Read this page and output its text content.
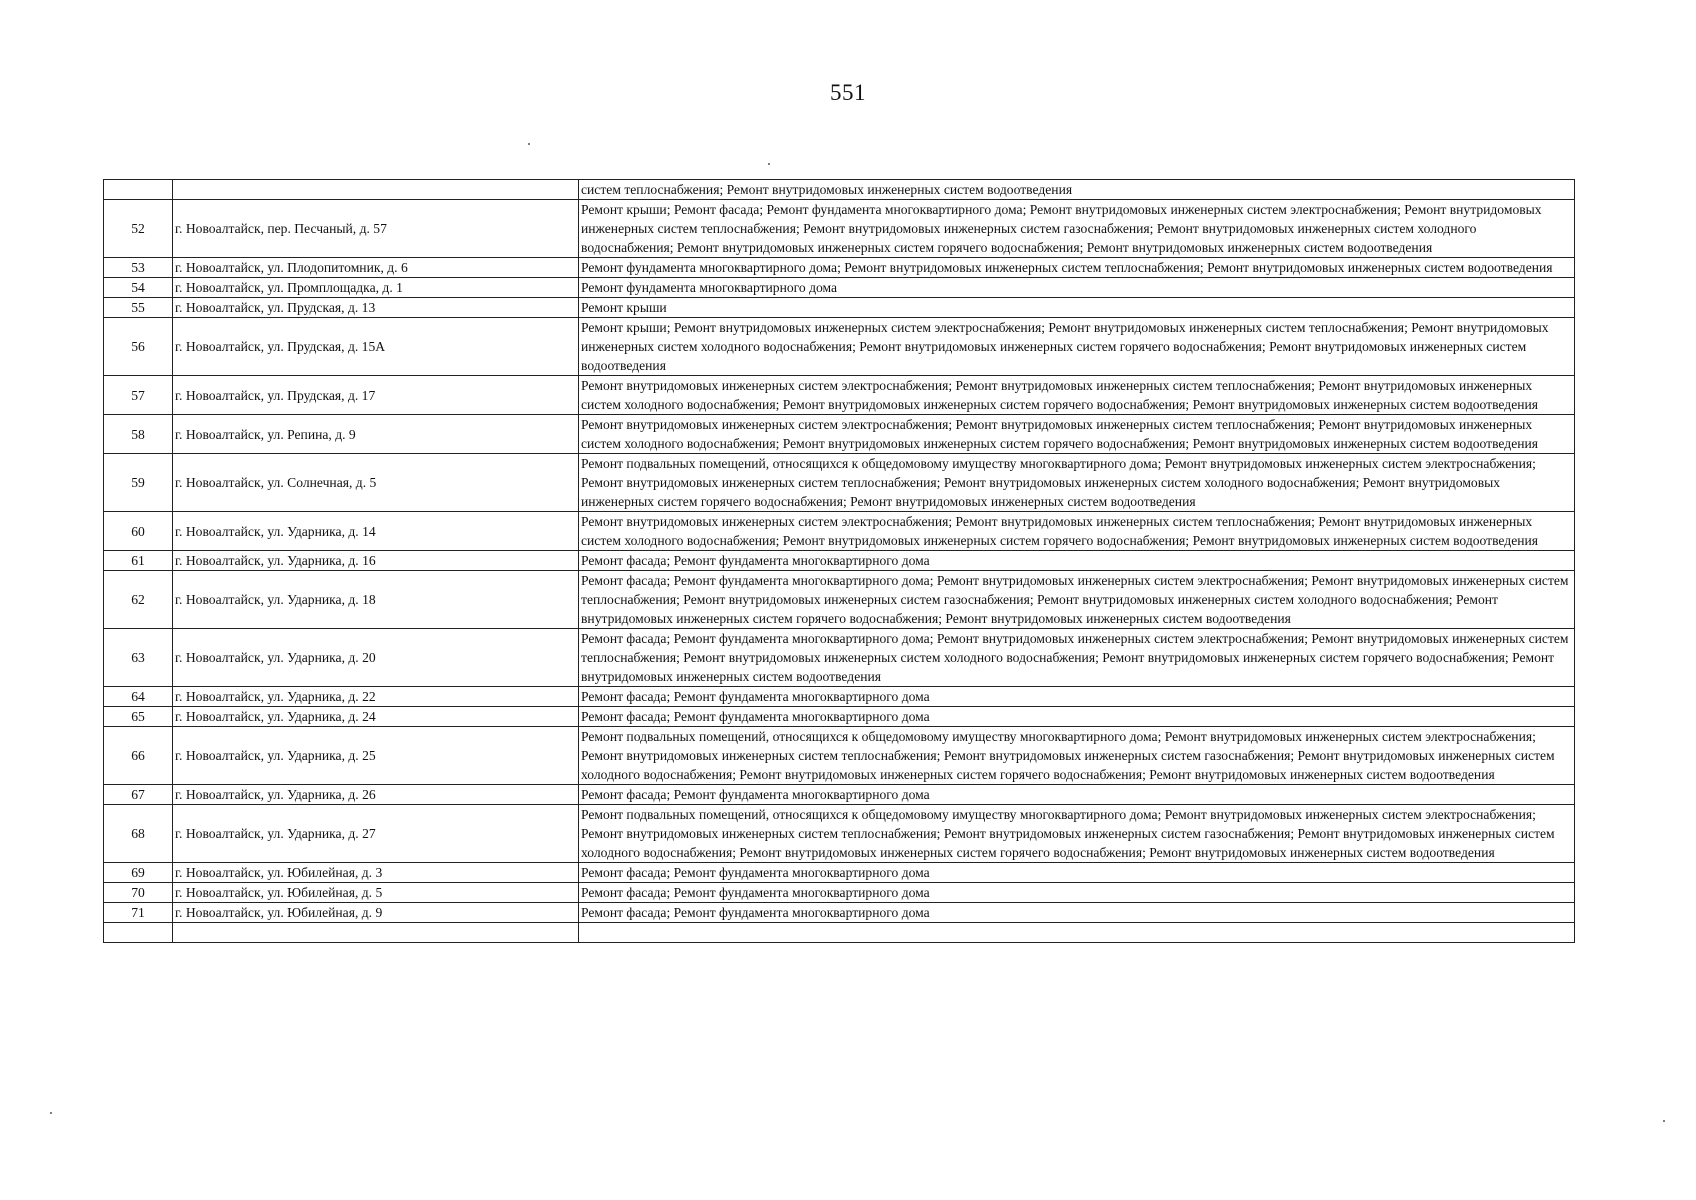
551
		систем теплоснабжения; Ремонт внутридомовых инженерных систем водоотведения
52	г. Новоалтайск, пер. Песчаный, д. 57	Ремонт крыши; Ремонт фасада; Ремонт фундамента многоквартирного дома; Ремонт внутридомовых инженерных систем электроснабжения; Ремонт внутридомовых инженерных систем теплоснабжения; Ремонт внутридомовых инженерных систем газоснабжения; Ремонт внутридомовых инженерных систем холодного водоснабжения; Ремонт внутридомовых инженерных систем горячего водоснабжения; Ремонт внутридомовых инженерных систем водоотведения
53	г. Новоалтайск, ул. Плодопитомник, д. 6	Ремонт фундамента многоквартирного дома; Ремонт внутридомовых инженерных систем теплоснабжения; Ремонт внутридомовых инженерных систем водоотведения
54	г. Новоалтайск, ул. Промплощадка, д. 1	Ремонт фундамента многоквартирного дома
55	г. Новоалтайск, ул. Прудская, д. 13	Ремонт крыши
56	г. Новоалтайск, ул. Прудская, д. 15А	Ремонт крыши; Ремонт внутридомовых инженерных систем электроснабжения; Ремонт внутридомовых инженерных систем теплоснабжения; Ремонт внутридомовых инженерных систем холодного водоснабжения; Ремонт внутридомовых инженерных систем горячего водоснабжения; Ремонт внутридомовых инженерных систем водоотведения
57	г. Новоалтайск, ул. Прудская, д. 17	Ремонт внутридомовых инженерных систем электроснабжения; Ремонт внутридомовых инженерных систем теплоснабжения; Ремонт внутридомовых инженерных систем холодного водоснабжения; Ремонт внутридомовых инженерных систем горячего водоснабжения; Ремонт внутридомовых инженерных систем водоотведения
58	г. Новоалтайск, ул. Репина, д. 9	Ремонт внутридомовых инженерных систем электроснабжения; Ремонт внутридомовых инженерных систем теплоснабжения; Ремонт внутридомовых инженерных систем холодного водоснабжения; Ремонт внутридомовых инженерных систем горячего водоснабжения; Ремонт внутридомовых инженерных систем водоотведения
59	г. Новоалтайск, ул. Солнечная, д. 5	Ремонт подвальных помещений, относящихся к общедомовому имуществу многоквартирного дома; Ремонт внутридомовых инженерных систем электроснабжения; Ремонт внутридомовых инженерных систем теплоснабжения; Ремонт внутридомовых инженерных систем холодного водоснабжения; Ремонт внутридомовых инженерных систем горячего водоснабжения; Ремонт внутридомовых инженерных систем водоотведения
60	г. Новоалтайск, ул. Ударника, д. 14	Ремонт внутридомовых инженерных систем электроснабжения; Ремонт внутридомовых инженерных систем теплоснабжения; Ремонт внутридомовых инженерных систем холодного водоснабжения; Ремонт внутридомовых инженерных систем горячего водоснабжения; Ремонт внутридомовых инженерных систем водоотведения
61	г. Новоалтайск, ул. Ударника, д. 16	Ремонт фасада; Ремонт фундамента многоквартирного дома
62	г. Новоалтайск, ул. Ударника, д. 18	Ремонт фасада; Ремонт фундамента многоквартирного дома; Ремонт внутридомовых инженерных систем электроснабжения; Ремонт внутридомовых инженерных систем теплоснабжения; Ремонт внутридомовых инженерных систем газоснабжения; Ремонт внутридомовых инженерных систем холодного водоснабжения; Ремонт внутридомовых инженерных систем горячего водоснабжения; Ремонт внутридомовых инженерных систем водоотведения
63	г. Новоалтайск, ул. Ударника, д. 20	Ремонт фасада; Ремонт фундамента многоквартирного дома; Ремонт внутридомовых инженерных систем электроснабжения; Ремонт внутридомовых инженерных систем теплоснабжения; Ремонт внутридомовых инженерных систем холодного водоснабжения; Ремонт внутридомовых инженерных систем горячего водоснабжения; Ремонт внутридомовых инженерных систем водоотведения
64	г. Новоалтайск, ул. Ударника, д. 22	Ремонт фасада; Ремонт фундамента многоквартирного дома
65	г. Новоалтайск, ул. Ударника, д. 24	Ремонт фасада; Ремонт фундамента многоквартирного дома
66	г. Новоалтайск, ул. Ударника, д. 25	Ремонт подвальных помещений, относящихся к общедомовому имуществу многоквартирного дома; Ремонт внутридомовых инженерных систем электроснабжения; Ремонт внутридомовых инженерных систем теплоснабжения; Ремонт внутридомовых инженерных систем газоснабжения; Ремонт внутридомовых инженерных систем холодного водоснабжения; Ремонт внутридомовых инженерных систем горячего водоснабжения; Ремонт внутридомовых инженерных систем водоотведения
67	г. Новоалтайск, ул. Ударника, д. 26	Ремонт фасада; Ремонт фундамента многоквартирного дома
68	г. Новоалтайск, ул. Ударника, д. 27	Ремонт подвальных помещений, относящихся к общедомовому имуществу многоквартирного дома; Ремонт внутридомовых инженерных систем электроснабжения; Ремонт внутридомовых инженерных систем теплоснабжения; Ремонт внутридомовых инженерных систем газоснабжения; Ремонт внутридомовых инженерных систем холодного водоснабжения; Ремонт внутридомовых инженерных систем горячего водоснабжения; Ремонт внутридомовых инженерных систем водоотведения
69	г. Новоалтайск, ул. Юбилейная, д. 3	Ремонт фасада; Ремонт фундамента многоквартирного дома
70	г. Новоалтайск, ул. Юбилейная, д. 5	Ремонт фасада; Ремонт фундамента многоквартирного дома
71	г. Новоалтайск, ул. Юбилейная, д. 9	Ремонт фасада; Ремонт фундамента многоквартирного дома
